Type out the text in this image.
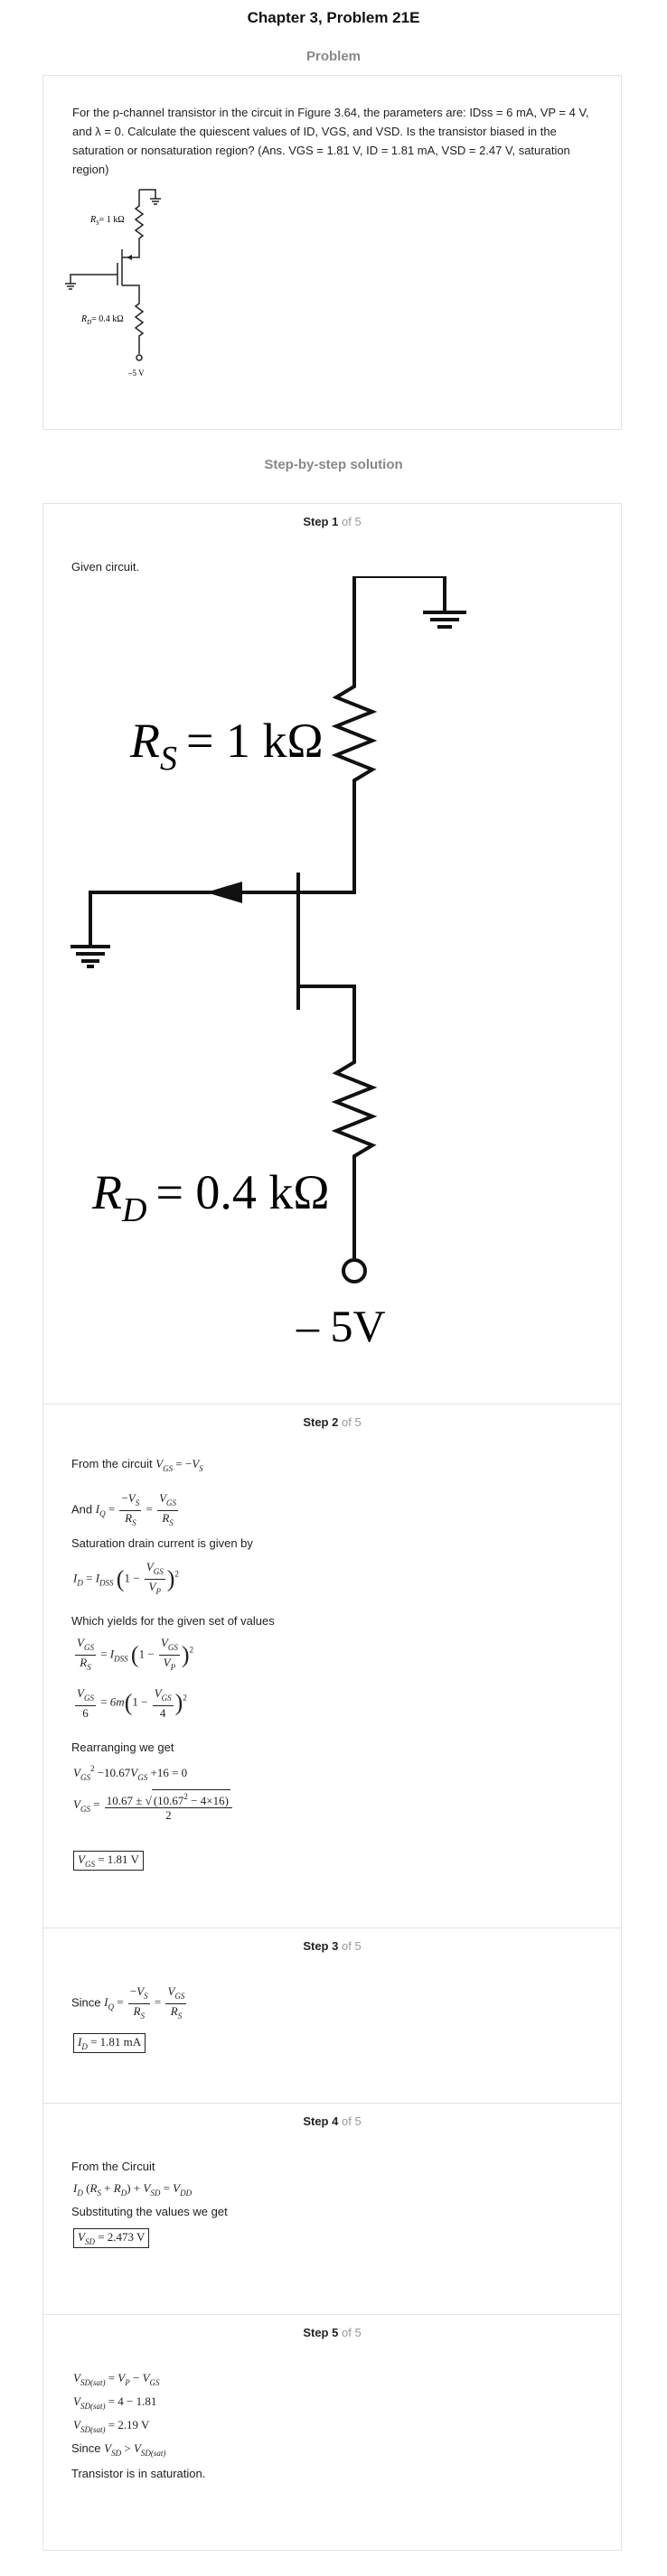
Chapter 3, Problem 21E
Problem
For the p-channel transistor in the circuit in Figure 3.64, the parameters are: IDss = 6 mA, VP = 4 V, and λ = 0. Calculate the quiescent values of ID, VGS, and VSD. Is the transistor biased in the saturation or nonsaturation region? (Ans. VGS = 1.81 V, ID = 1.81 mA, VSD = 2.47 V, saturation region)
$R_S= 1$ kΩ
$R_D= 0.4$ kΩ
–5 V
Step-by-step solution
Step 1 of 5
Given circuit.
$R_S = 1$ kΩ
$R_D = 0.4$ kΩ
– 5V
Step 2 of 5
From the circuit $V_{GS} = -V_S$
And $I_Q = \frac{-V_S}{R_S} = \frac{V_{GS}}{R_S}$
Saturation drain current is given by
$I_D = I_{DSS}$ $(1 - \frac{V_{GS}}{V_P} )^2$
Which yields for the given set of values
$\frac{V_{GS}}{R_S} = I_{DSS}$ $(1 - \frac{V_{GS}}{V_P} )^2$
$\frac{V_{GS}}{6} = 6m(1 - \frac{V_{GS}}{4} )^2$
Rearranging we get
$V_{GS}^2 -10.67V_{GS} +16 = 0$
$V_{GS} = \frac{10.67 \pm √ (10.67^2 - 4\times 16)}{2}$
$V_{GS} = 1.81$ V
Step 3 of 5
Since $I_Q = \frac{-V_S}{R_S} = \frac{V_{GS}}{R_S}$
$I_D = 1.81$ mA
Step 4 of 5
From the Circuit
$I_D$ $(R_S + R_D) + V_{SD} = V_{DD}$
Substituting the values we get
$V_{SD} = 2.473$ V
Step 5 of 5
$V_{SD(sat)} = V_P - V_{GS}$
$V_{SD(sat)} = 4 - 1.81$
$V_{SD(sat)} = 2.19$ V
Since $V_{SD} > V_{SD(sat)}$
Transistor is in saturation.
